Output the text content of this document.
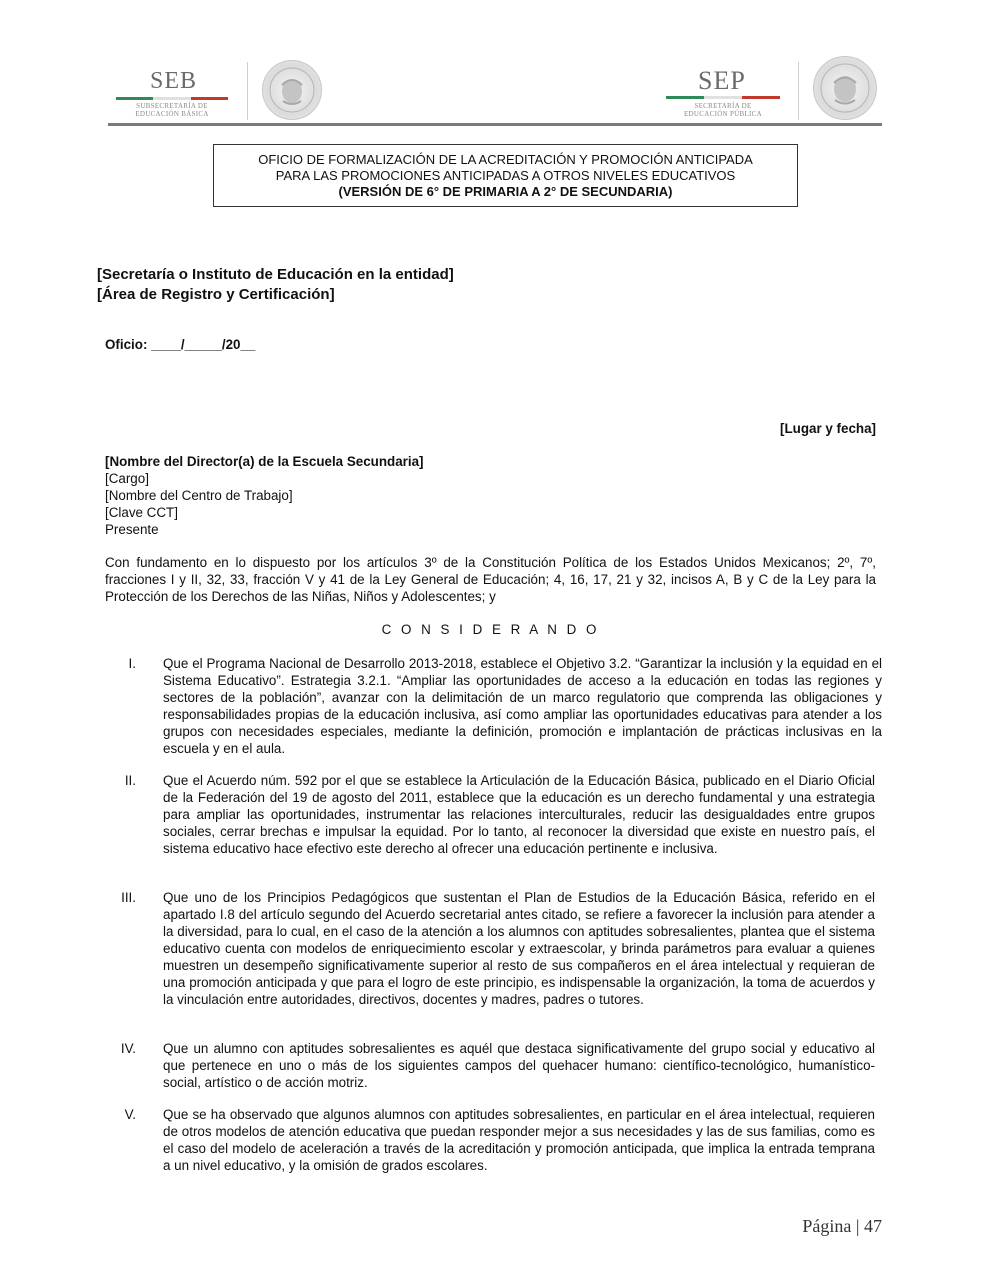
SEB
SUBSECRETARÍA DE
EDUCACIÓN BÁSICA
SEP
SECRETARÍA DE
EDUCACIÓN PÚBLICA
OFICIO DE FORMALIZACIÓN DE LA ACREDITACIÓN Y PROMOCIÓN ANTICIPADA
PARA LAS PROMOCIONES ANTICIPADAS A OTROS NIVELES EDUCATIVOS
(VERSIÓN DE 6° DE PRIMARIA A 2° DE SECUNDARIA)
[Secretaría o Instituto de Educación en la entidad]
[Área de Registro y Certificación]
Oficio: ____/_____/20__
[Lugar y fecha]
[Nombre del Director(a) de la Escuela Secundaria]
[Cargo]
[Nombre del Centro de Trabajo]
[Clave CCT]
Presente
Con fundamento en lo dispuesto por los artículos 3º de la Constitución Política de los Estados Unidos Mexicanos; 2º, 7º, fracciones I y II, 32, 33, fracción V y 41 de la Ley General de Educación; 4, 16, 17, 21 y 32, incisos A, B y C de la Ley para la Protección de los Derechos de las Niñas, Niños y Adolescentes; y
C O N S I D E R A N D O
I. Que el Programa Nacional de Desarrollo 2013-2018, establece el Objetivo 3.2. “Garantizar la inclusión y la equidad en el Sistema Educativo”. Estrategia 3.2.1. “Ampliar las oportunidades de acceso a la educación en todas las regiones y sectores de la población”, avanzar con la delimitación de un marco regulatorio que comprenda las obligaciones y responsabilidades propias de la educación inclusiva, así como ampliar las oportunidades educativas para atender a los grupos con necesidades especiales, mediante la definición, promoción e implantación de prácticas inclusivas en la escuela y en el aula.
II. Que el Acuerdo núm. 592 por el que se establece la Articulación de la Educación Básica, publicado en el Diario Oficial de la Federación del 19 de agosto del 2011, establece que la educación es un derecho fundamental y una estrategia para ampliar las oportunidades, instrumentar las relaciones interculturales, reducir las desigualdades entre grupos sociales, cerrar brechas e impulsar la equidad. Por lo tanto, al reconocer la diversidad que existe en nuestro país, el sistema educativo hace efectivo este derecho al ofrecer una educación pertinente e inclusiva.
III. Que uno de los Principios Pedagógicos que sustentan el Plan de Estudios de la Educación Básica, referido en el apartado I.8 del artículo segundo del Acuerdo secretarial antes citado, se refiere a favorecer la inclusión para atender a la diversidad, para lo cual, en el caso de la atención a los alumnos con aptitudes sobresalientes, plantea que el sistema educativo cuenta con modelos de enriquecimiento escolar y extraescolar, y brinda parámetros para evaluar a quienes muestren un desempeño significativamente superior al resto de sus compañeros en el área intelectual y requieran de una promoción anticipada y que para el logro de este principio, es indispensable la organización, la toma de acuerdos y la vinculación entre autoridades, directivos, docentes y madres, padres o tutores.
IV. Que un alumno con aptitudes sobresalientes es aquél que destaca significativamente del grupo social y educativo al que pertenece en uno o más de los siguientes campos del quehacer humano: científico-tecnológico, humanístico-social, artístico o de acción motriz.
V. Que se ha observado que algunos alumnos con aptitudes sobresalientes, en particular en el área intelectual, requieren de otros modelos de atención educativa que puedan responder mejor a sus necesidades y las de sus familias, como es el caso del modelo de aceleración a través de la acreditación y promoción anticipada, que implica la entrada temprana a un nivel educativo, y la omisión de grados escolares.
Página | 47
